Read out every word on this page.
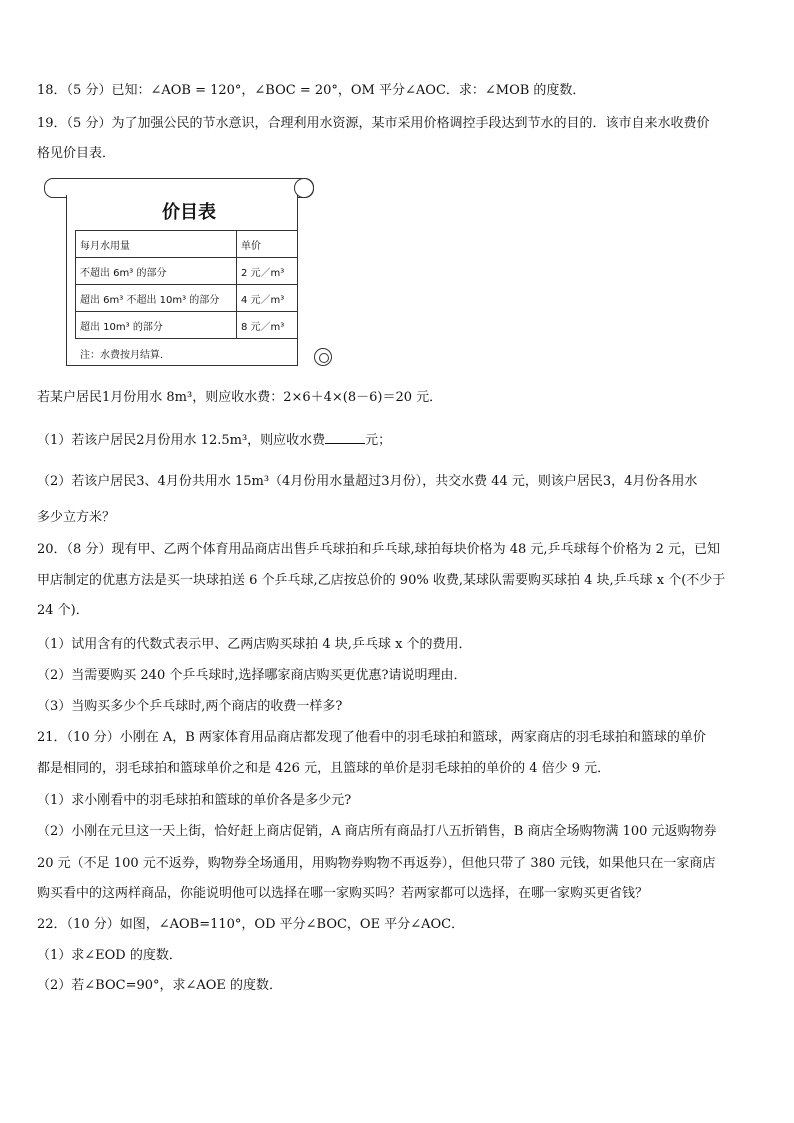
18．（5 分）已知：∠AOB = 120°，∠BOC = 20°，OM 平分∠AOC．求：∠MOB 的度数．
19．（5 分）为了加强公民的节水意识，合理利用水资源，某市采用价格调控手段达到节水的目的．该市自来水收费价
格见价目表．
价目表
每月水用量	单价
不超出 6m³ 的部分	2 元／m³
超出 6m³ 不超出 10m³ 的部分	4 元／m³
超出 10m³ 的部分	8 元／m³
注：水费按月结算．
若某户居民1月份用水 8m³，则应收水费：2×6＋4×(8－6)＝20 元．
（1）若该户居民2月份用水 12.5m³，则应收水费	元；
（2）若该户居民3、4月份共用水 15m³（4月份用水量超过3月份），共交水费 44 元，则该户居民3，4月份各用水
多少立方米？
20．（8 分）现有甲、乙两个体育用品商店出售乒乓球拍和乒乓球,球拍每块价格为 48 元,乒乓球每个价格为 2 元，已知
甲店制定的优惠方法是买一块球拍送 6 个乒乓球,乙店按总价的 90% 收费,某球队需要购买球拍 4 块,乒乓球 x 个(不少于
24 个)．
（1）试用含有的代数式表示甲、乙两店购买球拍 4 块,乒乓球 x 个的费用．
（2）当需要购买 240 个乒乓球时,选择哪家商店购买更优惠?请说明理由．
（3）当购买多少个乒乓球时,两个商店的收费一样多?
21．（10 分）小刚在 A，B 两家体育用品商店都发现了他看中的羽毛球拍和篮球，两家商店的羽毛球拍和篮球的单价
都是相同的，羽毛球拍和篮球单价之和是 426 元，且篮球的单价是羽毛球拍的单价的 4 倍少 9 元．
（1）求小刚看中的羽毛球拍和篮球的单价各是多少元?
（2）小刚在元旦这一天上街，恰好赶上商店促销，A 商店所有商品打八五折销售，B 商店全场购物满 100 元返购物券
20 元（不足 100 元不返券，购物券全场通用，用购物券购物不再返券），但他只带了 380 元钱，如果他只在一家商店
购买看中的这两样商品，你能说明他可以选择在哪一家购买吗？若两家都可以选择，在哪一家购买更省钱？
22．（10 分）如图，∠AOB=110°，OD 平分∠BOC，OE 平分∠AOC．
（1）求∠EOD 的度数．
（2）若∠BOC=90°，求∠AOE 的度数．
